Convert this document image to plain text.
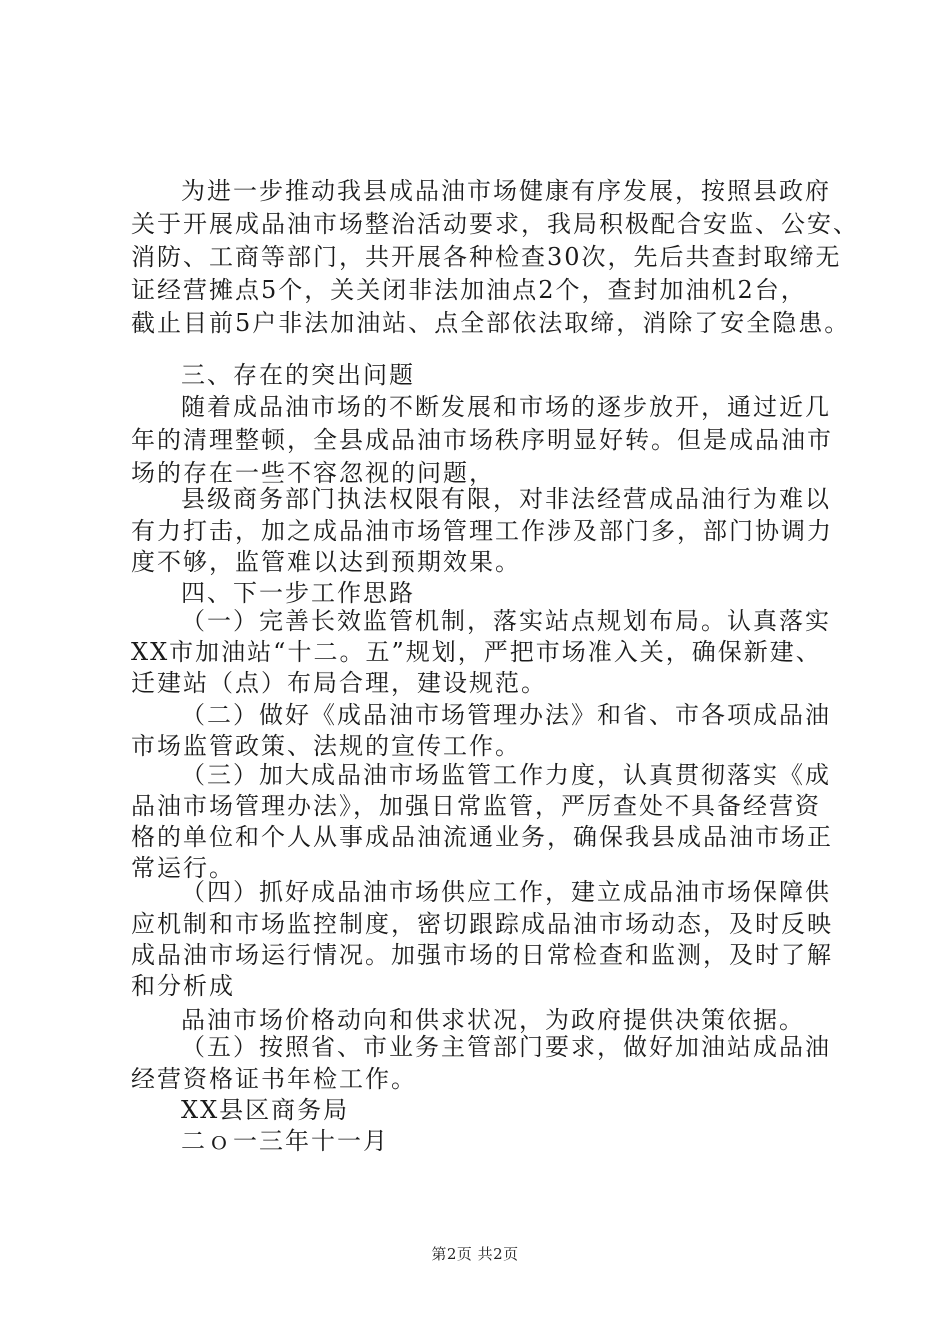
为进一步推动我县成品油市场健康有序发展，按照县政府
关于开展成品油市场整治活动要求，我局积极配合安监、公安、
消防、工商等部门，共开展各种检查30次，先后共查封取缔无
证经营摊点5个，关关闭非法加油点2个，查封加油机2台，
截止目前5户非法加油站、点全部依法取缔，消除了安全隐患。
三、存在的突出问题
随着成品油市场的不断发展和市场的逐步放开，通过近几
年的清理整顿，全县成品油市场秩序明显好转。但是成品油市
场的存在一些不容忽视的问题，
县级商务部门执法权限有限，对非法经营成品油行为难以
有力打击，加之成品油市场管理工作涉及部门多，部门协调力
度不够，监管难以达到预期效果。
四、下一步工作思路
（一）完善长效监管机制，落实站点规划布局。认真落实
XX市加油站“十二。五”规划，严把市场准入关，确保新建、
迁建站（点）布局合理，建设规范。
（二）做好《成品油市场管理办法》和省、市各项成品油
市场监管政策、法规的宣传工作。
（三）加大成品油市场监管工作力度，认真贯彻落实《成
品油市场管理办法》，加强日常监管，严厉查处不具备经营资
格的单位和个人从事成品油流通业务，确保我县成品油市场正
常运行。
（四）抓好成品油市场供应工作，建立成品油市场保障供
应机制和市场监控制度，密切跟踪成品油市场动态，及时反映
成品油市场运行情况。加强市场的日常检查和监测，及时了解
和分析成
品油市场价格动向和供求状况，为政府提供决策依据。
（五）按照省、市业务主管部门要求，做好加油站成品油
经营资格证书年检工作。
XX县区商务局
二ｏ一三年十一月
第2页 共2页
